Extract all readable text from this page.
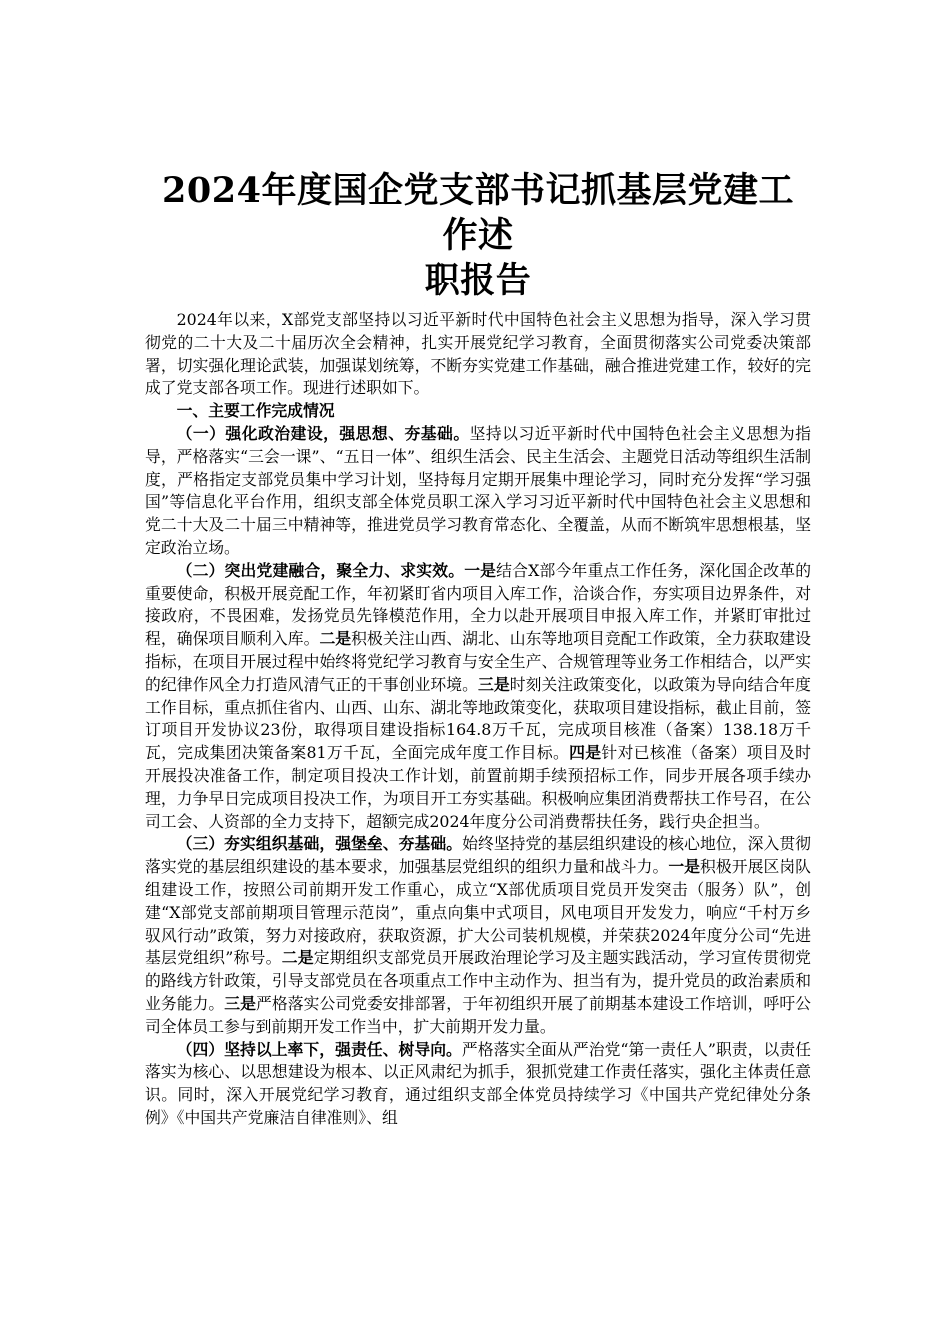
2024年度国企党支部书记抓基层党建工作述
职报告

2024年以来，X部党支部坚持以习近平新时代中国特色社会主义思想为指导，深入学习贯彻党的二十大及二十届历次全会精神，扎实开展党纪学习教育，全面贯彻落实公司党委决策部署，切实强化理论武装，加强谋划统筹，不断夯实党建工作基础，融合推进党建工作，较好的完成了党支部各项工作。现进行述职如下。

一、主要工作完成情况

（一）强化政治建设，强思想、夯基础。坚持以习近平新时代中国特色社会主义思想为指导，严格落实“三会一课”、“五日一体”、组织生活会、民主生活会、主题党日活动等组织生活制度，严格指定支部党员集中学习计划，坚持每月定期开展集中理论学习，同时充分发挥“学习强国”等信息化平台作用，组织支部全体党员职工深入学习习近平新时代中国特色社会主义思想和党二十大及二十届三中精神等，推进党员学习教育常态化、全覆盖，从而不断筑牢思想根基，坚定政治立场。

（二）突出党建融合，聚全力、求实效。一是结合X部今年重点工作任务，深化国企改革的重要使命，积极开展竞配工作，年初紧盯省内项目入库工作，洽谈合作，夯实项目边界条件，对接政府，不畏困难，发扬党员先锋模范作用，全力以赴开展项目申报入库工作，并紧盯审批过程，确保项目顺利入库。二是积极关注山西、湖北、山东等地项目竞配工作政策，全力获取建设指标，在项目开展过程中始终将党纪学习教育与安全生产、合规管理等业务工作相结合，以严实的纪律作风全力打造风清气正的干事创业环境。三是时刻关注政策变化，以政策为导向结合年度工作目标，重点抓住省内、山西、山东、湖北等地政策变化，获取项目建设指标，截止目前，签订项目开发协议23份，取得项目建设指标164.8万千瓦，完成项目核准（备案）138.18万千瓦，完成集团决策备案81万千瓦，全面完成年度工作目标。四是针对已核准（备案）项目及时开展投决准备工作，制定项目投决工作计划，前置前期手续预招标工作，同步开展各项手续办理，力争早日完成项目投决工作，为项目开工夯实基础。积极响应集团消费帮扶工作号召，在公司工会、人资部的全力支持下，超额完成2024年度分公司消费帮扶任务，践行央企担当。

（三）夯实组织基础，强堡垒、夯基础。始终坚持党的基层组织建设的核心地位，深入贯彻落实党的基层组织建设的基本要求，加强基层党组织的组织力量和战斗力。一是积极开展区岗队组建设工作，按照公司前期开发工作重心，成立“X部优质项目党员开发突击（服务）队”，创建“X部党支部前期项目管理示范岗”，重点向集中式项目，风电项目开发发力，响应“千村万乡驭风行动”政策，努力对接政府，获取资源，扩大公司装机规模，并荣获2024年度分公司“先进基层党组织”称号。二是定期组织支部党员开展政治理论学习及主题实践活动，学习宣传贯彻党的路线方针政策，引导支部党员在各项重点工作中主动作为、担当有为，提升党员的政治素质和业务能力。三是严格落实公司党委安排部署，于年初组织开展了前期基本建设工作培训，呼吁公司全体员工参与到前期开发工作当中，扩大前期开发力量。

（四）坚持以上率下，强责任、树导向。严格落实全面从严治党“第一责任人”职责，以责任落实为核心、以思想建设为根本、以正风肃纪为抓手，狠抓党建工作责任落实，强化主体责任意识。同时，深入开展党纪学习教育，通过组织支部全体党员持续学习《中国共产党纪律处分条例》《中国共产党廉洁自律准则》、组
